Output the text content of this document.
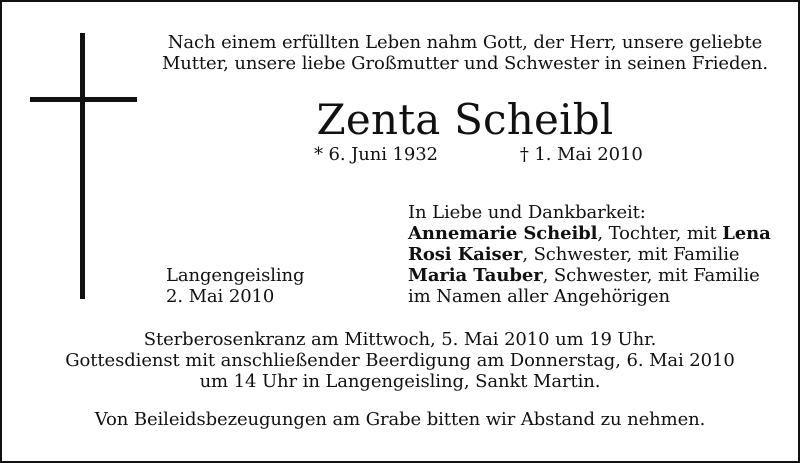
Nach einem erfüllten Leben nahm Gott, der Herr, unsere geliebte
Mutter, unsere liebe Großmutter und Schwester in seinen Frieden.
Zenta Scheibl
* 6. Juni 1932	† 1. Mai 2010
In Liebe und Dankbarkeit:
Annemarie Scheibl, Tochter, mit Lena
Rosi Kaiser, Schwester, mit Familie
Maria Tauber, Schwester, mit Familie
im Namen aller Angehörigen
Langengeisling
2. Mai 2010
Sterberosenkranz am Mittwoch, 5. Mai 2010 um 19 Uhr.
Gottesdienst mit anschließender Beerdigung am Donnerstag, 6. Mai 2010
um 14 Uhr in Langengeisling, Sankt Martin.
Von Beileidsbezeugungen am Grabe bitten wir Abstand zu nehmen.
